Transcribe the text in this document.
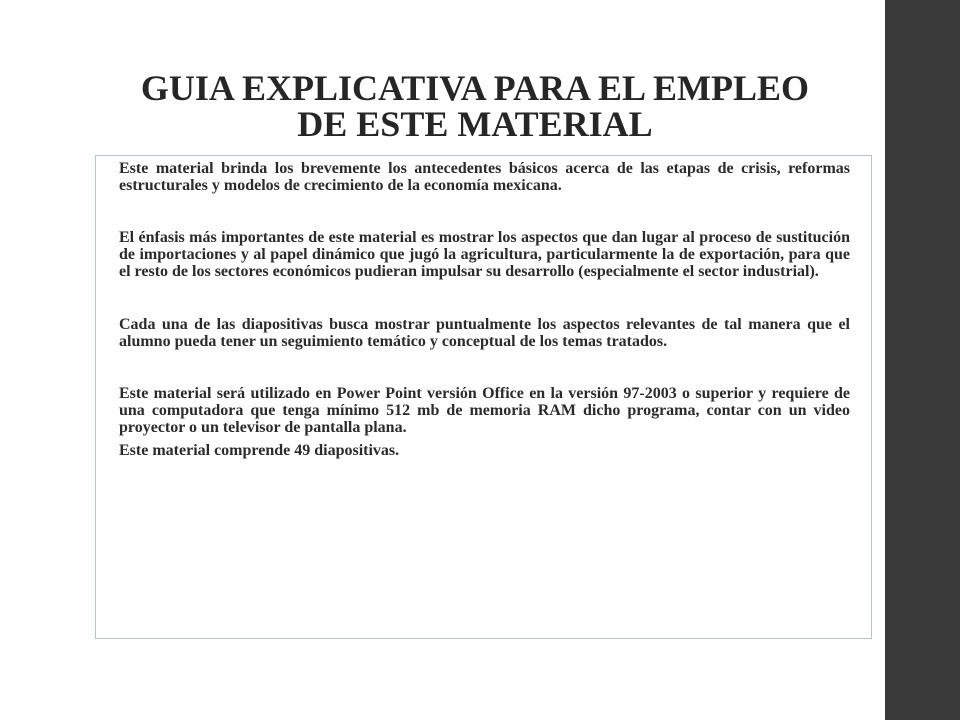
GUIA EXPLICATIVA PARA EL EMPLEO
DE ESTE MATERIAL

Este material brinda los brevemente los antecedentes básicos acerca de las etapas de crisis, reformas estructurales y modelos de crecimiento de la economía mexicana.

El énfasis más importantes de este material es mostrar los aspectos que dan lugar al proceso de sustitución de importaciones y al papel dinámico que jugó la agricultura, particularmente la de exportación, para que el resto de los sectores económicos pudieran impulsar su desarrollo (especialmente el sector industrial).

Cada una de las diapositivas busca mostrar puntualmente los aspectos relevantes de tal manera que el alumno pueda tener un seguimiento temático y conceptual de los temas tratados.

Este material será utilizado en Power Point versión Office en la versión 97-2003 o superior y requiere de una computadora que tenga mínimo 512 mb de memoria RAM dicho programa, contar con un video proyector o un televisor de pantalla plana.

Este material comprende 49 diapositivas.
